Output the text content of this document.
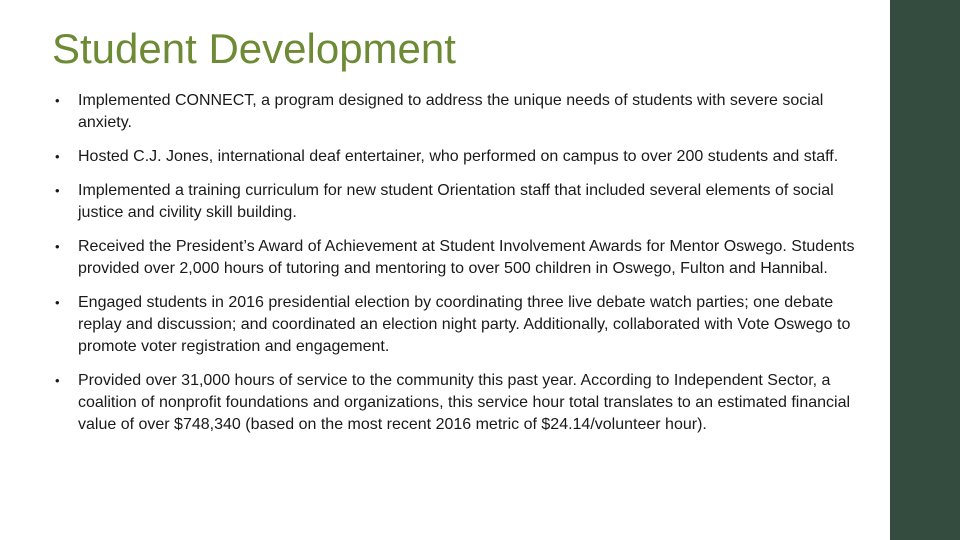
Student Development
• Implemented CONNECT, a program designed to address the unique needs of students with severe social anxiety.
• Hosted C.J. Jones, international deaf entertainer, who performed on campus to over 200 students and staff.
• Implemented a training curriculum for new student Orientation staff that included several elements of social justice and civility skill building.
• Received the President’s Award of Achievement at Student Involvement Awards for Mentor Oswego. Students provided over 2,000 hours of tutoring and mentoring to over 500 children in Oswego, Fulton and Hannibal.
• Engaged students in 2016 presidential election by coordinating three live debate watch parties; one debate replay and discussion; and coordinated an election night party. Additionally, collaborated with Vote Oswego to promote voter registration and engagement.
• Provided over 31,000 hours of service to the community this past year. According to Independent Sector, a coalition of nonprofit foundations and organizations, this service hour total translates to an estimated financial value of over $748,340 (based on the most recent 2016 metric of $24.14/volunteer hour).
